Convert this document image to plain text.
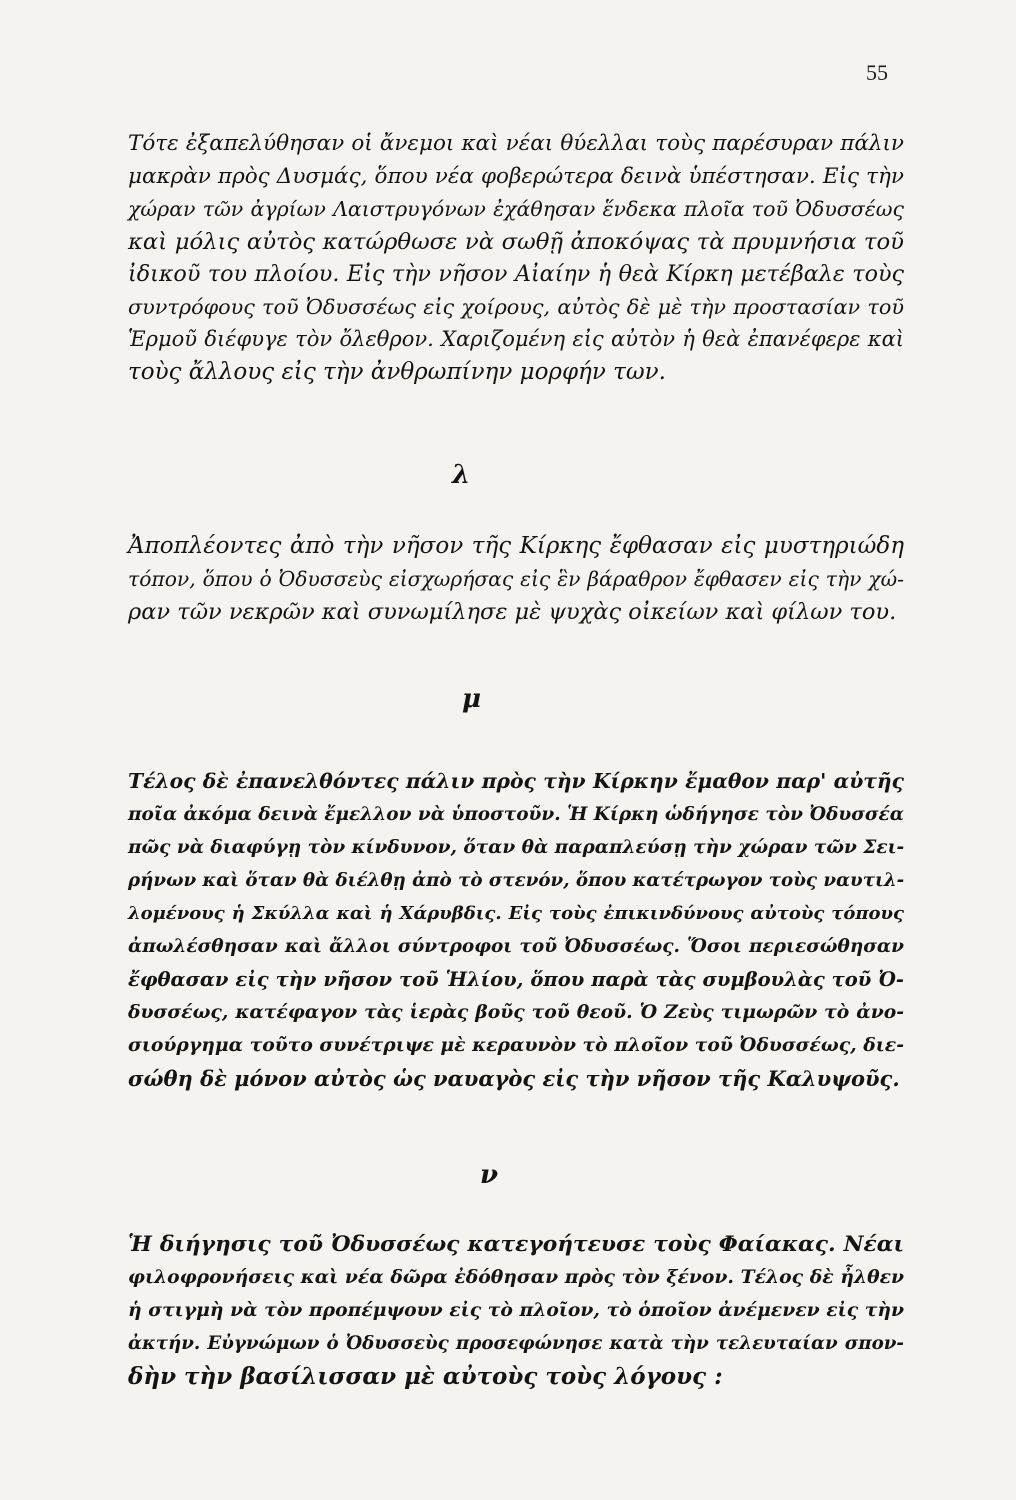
55
Τότε ἐξαπελύθησαν οἱ ἄνεμοι καὶ νέαι θύελλαι τοὺς παρέσυραν πάλιν
μακρὰν πρὸς Δυσμάς, ὅπου νέα φοβερώτερα δεινὰ ὑπέστησαν. Εἰς τὴν
χώραν τῶν ἀγρίων Λαιστρυγόνων ἐχάθησαν ἕνδεκα πλοῖα τοῦ Ὀδυσσέως
καὶ μόλις αὐτὸς κατώρθωσε νὰ σωθῇ ἀποκόψας τὰ πρυμνήσια τοῦ
ἰδικοῦ του πλοίου. Εἰς τὴν νῆσον Αἰαίην ἡ θεὰ Κίρκη μετέβαλε τοὺς
συντρόφους τοῦ Ὀδυσσέως εἰς χοίρους, αὐτὸς δὲ μὲ τὴν προστασίαν τοῦ
Ἑρμοῦ διέφυγε τὸν ὄλεθρον. Χαριζομένη εἰς αὐτὸν ἡ θεὰ ἐπανέφερε καὶ
τοὺς ἄλλους εἰς τὴν ἀνθρωπίνην μορφήν των.
λ
Ἀποπλέοντες ἀπὸ τὴν νῆσον τῆς Κίρκης ἔφθασαν εἰς μυστηριώδη
τόπον, ὅπου ὁ Ὀδυσσεὺς εἰσχωρήσας εἰς ἓν βάραθρον ἔφθασεν εἰς τὴν χώ-
ραν τῶν νεκρῶν καὶ συνωμίλησε μὲ ψυχὰς οἰκείων καὶ φίλων του.
μ
Τέλος δὲ ἐπανελθόντες πάλιν πρὸς τὴν Κίρκην ἔμαθον παρ' αὐτῆς
ποῖα ἀκόμα δεινὰ ἔμελλον νὰ ὑποστοῦν. Ἡ Κίρκη ὡδήγησε τὸν Ὀδυσσέα
πῶς νὰ διαφύγῃ τὸν κίνδυνον, ὅταν θὰ παραπλεύσῃ τὴν χώραν τῶν Σει-
ρήνων καὶ ὅταν θὰ διέλθῃ ἀπὸ τὸ στενόν, ὅπου κατέτρωγον τοὺς ναυτιλ-
λομένους ἡ Σκύλλα καὶ ἡ Χάρυβδις. Εἰς τοὺς ἐπικινδύνους αὐτοὺς τόπους
ἀπωλέσθησαν καὶ ἄλλοι σύντροφοι τοῦ Ὀδυσσέως. Ὅσοι περιεσώθησαν
ἔφθασαν εἰς τὴν νῆσον τοῦ Ἡλίου, ὅπου παρὰ τὰς συμβουλὰς τοῦ Ὀ-
δυσσέως, κατέφαγον τὰς ἱερὰς βοῦς τοῦ θεοῦ. Ὁ Ζεὺς τιμωρῶν τὸ ἀνο-
σιούργημα τοῦτο συνέτριψε μὲ κεραυνὸν τὸ πλοῖον τοῦ Ὀδυσσέως, διε-
σώθη δὲ μόνον αὐτὸς ὡς ναυαγὸς εἰς τὴν νῆσον τῆς Καλυψοῦς.
ν
Ἡ διήγησις τοῦ Ὀδυσσέως κατεγοήτευσε τοὺς Φαίακας. Νέαι
φιλοφρονήσεις καὶ νέα δῶρα ἐδόθησαν πρὸς τὸν ξένον. Τέλος δὲ ἦλθεν
ἡ στιγμὴ νὰ τὸν προπέμψουν εἰς τὸ πλοῖον, τὸ ὁποῖον ἀνέμενεν εἰς τὴν
ἀκτήν. Εὐγνώμων ὁ Ὀδυσσεὺς προσεφώνησε κατὰ τὴν τελευταίαν σπον-
δὴν τὴν βασίλισσαν μὲ αὐτοὺς τοὺς λόγους :
